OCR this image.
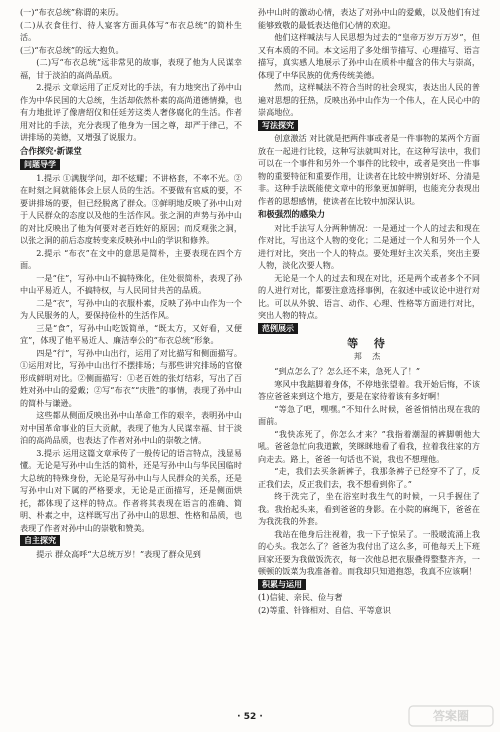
(一)“布衣总统”称谓的来历。

(二)从衣食住行、待人宴客方面具体写“布衣总统”的简朴生活。

(三)“布衣总统”的远大抱负。

(二)写“布衣总统”远非常见的故事，表现了他为人民谋幸福，甘于淡泊的高尚品质。

2.提示 文章运用了正反对比的手法，有力地突出了孙中山作为中华民国的大总统，生活却依然朴素的高尚道德情操，也有力地批评了像唐绍仪和任廷芳这类人奢侈腐化的生活。作者用对比的手法，充分表现了他身为一国之尊，却严于律己，不讲排场的美德，又增强了说服力。

合作探究·新课堂
问题导学

1.提示 ①满腹学问，却不炫耀；不讲格套，不率不光。②在时刻之间就能体会上层人员的生活。不要做有官威的要，不要讲排场的要，但已经脱离了群众。③鲜明地反映了孙中山对于人民群众的态度以及他的生活作风。张之洞的声势与孙中山的对比反映出了他为何要对老百姓好的原因；而反观张之洞，以张之洞的前后态度转变来反映孙中山的学识和修养。

2.提示 “布衣”在文中的意思是简朴，主要表现在四个方面。

一是“住”，写孙中山不搞特殊化，住处很简朴，表现了孙中山平易近人，不搞特权，与人民同甘共苦的品质。

二是“衣”，写孙中山的衣服朴素，反映了孙中山作为一个为人民服务的人，要保持俭朴的生活作风。

三是“食”，写孙中山吃饭简单，“既太方，又好看，又便宜”，体现了他平易近人、廉洁奉公的“布衣总统”形象。

四是“行”，写孙中山出行，运用了对比描写和侧面描写。①运用对比，写孙中山出行不摆排场；与那些讲究排场的官僚形成鲜明对比。②侧面描写：①老百姓的张灯结彩，写出了百姓对孙中山的爱戴；②写“布衣”“庆胜”的事情，表现了孙中山的简朴与谦逊。

这些都从侧面反映出孙中山革命工作的艰辛，表明孙中山对中国革命事业的巨大贡献，表现了他为人民谋幸福、甘于淡泊的高尚品质，也表达了作者对孙中山的崇敬之情。

3.提示 运用这篇文章承传了一般传记的语言特点，浅显易懂。无论是写孙中山生活的简朴，还是写孙中山与华民国临时大总统的特殊身份，无论是写孙中山与人民群众的关系，还是写孙中山对下属的严格要求，无论是正面描写，还是侧面烘托，都体现了这样的特点。作者将其表现在语言的准确、简明、朴素之中，这样既写出了孙中山的思想、性格和品质，也表现了作者对孙中山的崇敬和赞美。

自主探究

提示 群众高呼“大总统万岁！”表现了群众见到

孙中山时的激动心情，表达了对孙中山的爱戴，以及他们有过能够致敬的最低表达他们心情的欢迎。

他们这样喊法与人民思想为过去的“皇帝万岁万万岁”，但又有本质的不同。本文运用了多处细节描写、心理描写、语言描写，真实感人地展示了孙中山在质朴中蕴含的伟大与崇高，体现了中华民族的优秀传统美德。

然而，这样喊法不符合当时的社会现实，表达出人民的普遍对思想的狂热，反映出孙中山作为一个伟人，在人民心中的崇高地位。

写法探究

创意激活 对比就是把两件事或者是一件事物的某两个方面放在一起进行比较，这种写法就叫对比，在这种写法中，我们可以在一个事件和另外一个事件的比较中，或者是突出一件事物的重要特征和重要作用，让读者在比较中辨别好坏、分清是非。这种手法既能使文章中的形象更加鲜明，也能充分表现出作者的思想感情，使读者在比较中加深认识。

和极强烈的感染力

对比手法写人分两种情况：一是通过一个人的过去和现在作对比，写出这个人物的变化；二是通过一个人和另外一个人进行对比，突出一个人的特点。要处理好主次关系，突出主要人物，淡化次要人物。

无论是一个人的过去和现在对比，还是两个或者多个不同的人进行对比，都要注意选择事例，在叙述中或议论中进行对比。可以从外貌、语言、动作、心理、性格等方面进行对比，突出人物的特点。

范例展示
等 待
邦 杰

“到点怎么了？怎么还不来，急死人了！”

寒风中我踮脚着身体，不停地张望着。我开始后悔，不该答应爸爸来到这个地方，要是在家待着该有多好啊！

“等急了吧，嘿嘿。”不知什么时候，爸爸悄悄出现在我的面前。

“我快冻死了，你怎么才来？”我指着潮湿的裤脚朝他大吼。爸爸急忙向我道歉，笑眯眯地看了看我，拉着我往家的方向走去。路上，爸爸一句话也不说，我也不想理他。

“走，我们去买条新裤子，我那条裤子已经穿不了了，反正我们去，反正我们去，我不想看到你了。”

终于洗完了，坐在浴室时我生气的时候，一只手握住了我。我抬起头来，看到爸爸的身影。在小院的麻绳下，爸爸在为我洗我的外套。

我站在他身后注视着，我一下子惊呆了。一股暖流涌上我的心头。我怎么了？爸爸为我付出了这么多，可他每天上下班回家还要为我做饭洗衣，每一次他总把衣服叠得整整齐齐，一顿顿的饭菜为我准备着。而我却只知道抱怨，我真不应该啊！

积累与运用

(1)信徒、亲民、俭与奢

(2)等重、针锋相对、自信、平等意识

· 52 ·	答案圈
